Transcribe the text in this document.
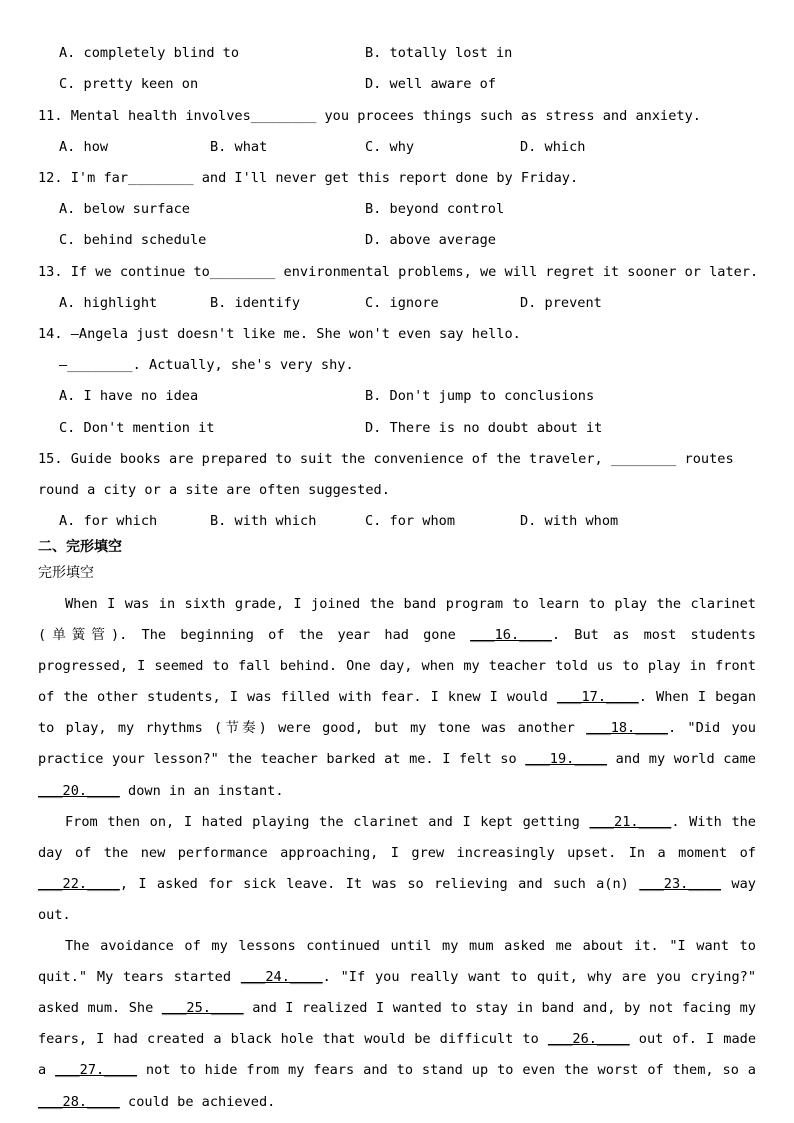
A. completely blind to	B. totally lost in
C. pretty keen on	D. well aware of
11. Mental health involves________ you procees things such as stress and anxiety.
A. how	B. what	C. why	D. which
12. I'm far________ and I'll never get this report done by Friday.
A. below surface	B. beyond control
C. behind schedule	D. above average
13. If we continue to________ environmental problems, we will regret it sooner or later.
A. highlight	B. identify	C. ignore	D. prevent
14. —Angela just doesn't like me. She won't even say hello.
—________. Actually, she's very shy.
A. I have no idea	B. Don't jump to conclusions
C. Don't mention it	D. There is no doubt about it
15. Guide books are prepared to suit the convenience of the traveler, ________ routes
round a city or a site are often suggested.
A. for which	B. with which	C. for whom	D. with whom
二、完形填空
完形填空

When I was in sixth grade, I joined the band program to learn to play the clarinet (单簧管). The beginning of the year had gone ___16.____. But as most students progressed, I seemed to fall behind. One day, when my teacher told us to play in front of the other students, I was filled with fear. I knew I would ___17.____. When I began to play, my rhythms (节奏) were good, but my tone was another ___18.____. "Did you practice your lesson?" the teacher barked at me. I felt so ___19.____ and my world came ___20.____ down in an instant.

From then on, I hated playing the clarinet and I kept getting ___21.____. With the day of the new performance approaching, I grew increasingly upset. In a moment of ___22.____, I asked for sick leave. It was so relieving and such a(n) ___23.____ way out.

The avoidance of my lessons continued until my mum asked me about it. "I want to quit." My tears started ___24.____. "If you really want to quit, why are you crying?" asked mum. She ___25.____ and I realized I wanted to stay in band and, by not facing my fears, I had created a black hole that would be difficult to ___26.____ out of. I made a ___27.____ not to hide from my fears and to stand up to even the worst of them, so a ___28.____ could be achieved.
